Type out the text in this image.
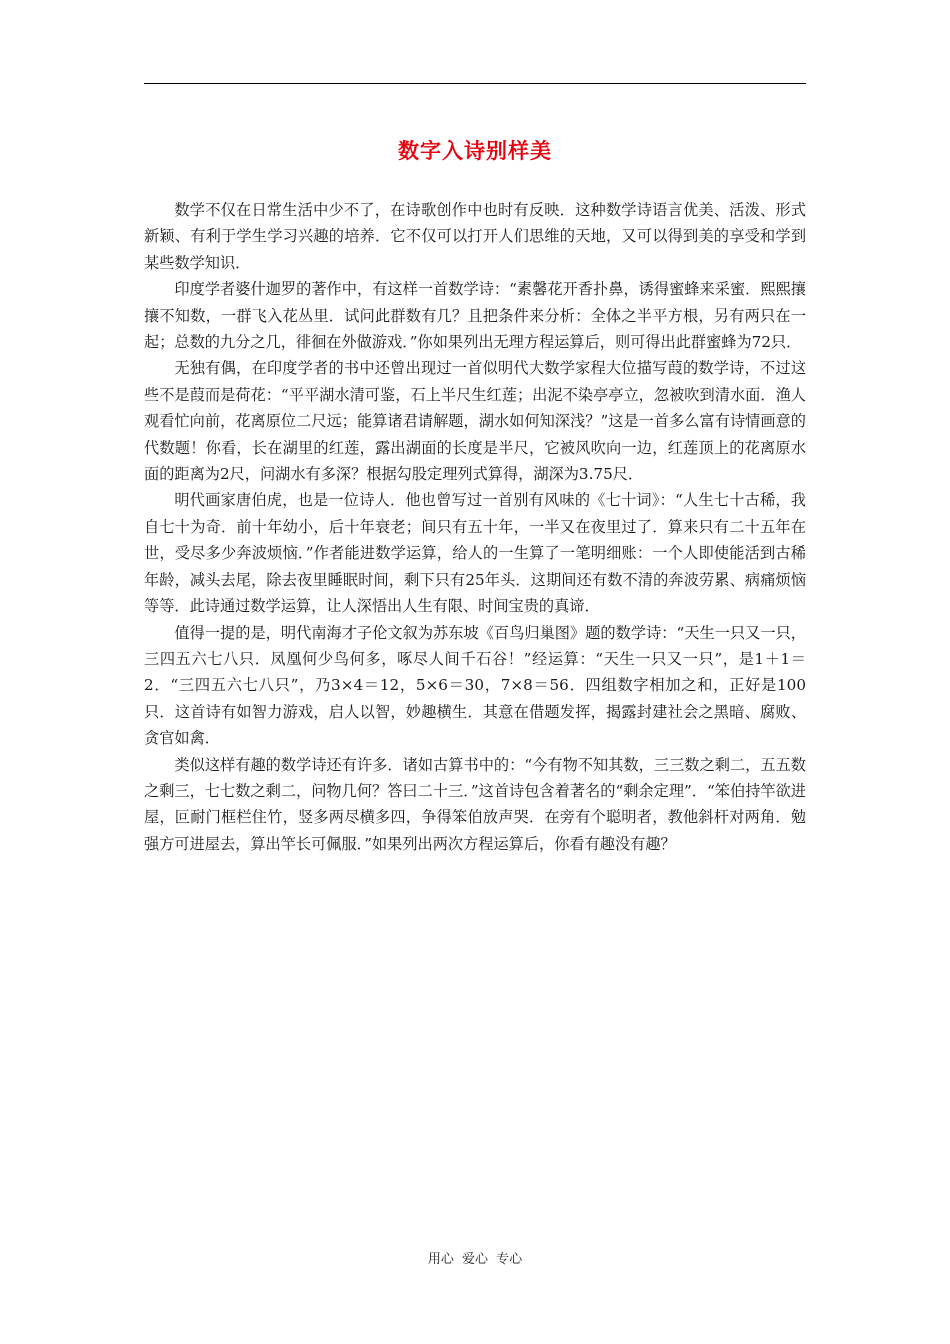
数字入诗别样美

数学不仅在日常生活中少不了，在诗歌创作中也时有反映．这种数学诗语言优美、活泼、形式新颖、有利于学生学习兴趣的培养．它不仅可以打开人们思维的天地，又可以得到美的享受和学到某些数学知识．

印度学者婆什迦罗的著作中，有这样一首数学诗：“素馨花开香扑鼻，诱得蜜蜂来采蜜．熙熙攘攘不知数，一群飞入花丛里．试问此群数有几？且把条件来分析：全体之半平方根，另有两只在一起；总数的九分之几，徘徊在外做游戏．”你如果列出无理方程运算后，则可得出此群蜜蜂为72只．

无独有偶，在印度学者的书中还曾出现过一首似明代大数学家程大位描写葭的数学诗，不过这些不是葭而是荷花：“平平湖水清可鉴，石上半尺生红莲；出泥不染亭亭立，忽被吹到清水面．渔人观看忙向前，花离原位二尺远；能算诸君请解题，湖水如何知深浅？”这是一首多么富有诗情画意的代数题！你看，长在湖里的红莲，露出湖面的长度是半尺，它被风吹向一边，红莲顶上的花离原水面的距离为2尺，问湖水有多深？根据勾股定理列式算得，湖深为3.75尺．

明代画家唐伯虎，也是一位诗人．他也曾写过一首别有风味的《七十词》：“人生七十古稀，我自七十为奇．前十年幼小，后十年衰老；间只有五十年，一半又在夜里过了．算来只有二十五年在世，受尽多少奔波烦恼．”作者能进数学运算，给人的一生算了一笔明细账：一个人即使能活到古稀年龄，减头去尾，除去夜里睡眠时间，剩下只有25年头．这期间还有数不清的奔波劳累、病痛烦恼等等．此诗通过数学运算，让人深悟出人生有限、时间宝贵的真谛．

值得一提的是，明代南海才子伦文叙为苏东坡《百鸟归巢图》题的数学诗：“天生一只又一只，三四五六七八只．凤凰何少鸟何多，啄尽人间千石谷！”经运算：“天生一只又一只”，是1＋1＝2．“三四五六七八只”，乃3×4＝12，5×6＝30，7×8＝56．四组数字相加之和，正好是100只．这首诗有如智力游戏，启人以智，妙趣横生．其意在借题发挥，揭露封建社会之黑暗、腐败、贪官如禽．

类似这样有趣的数学诗还有许多．诸如古算书中的：“今有物不知其数，三三数之剩二，五五数之剩三，七七数之剩二，问物几何？答曰二十三．”这首诗包含着著名的“剩余定理”．“笨伯持竿欲进屋，叵耐门框栏住竹，竖多两尽横多四，争得笨伯放声哭．在旁有个聪明者，教他斜杆对两角．勉强方可进屋去，算出竿长可佩服．”如果列出两次方程运算后，你看有趣没有趣？

用心 爱心 专心
